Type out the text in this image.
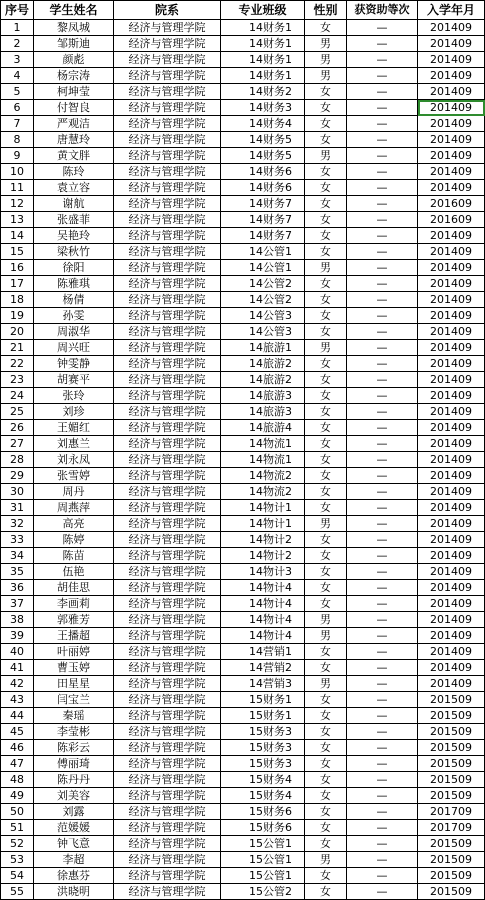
序号	学生姓名	院系	专业班级	性别	获资助等次	入学年月
1	黎凤城	经济与管理学院	14财务1	女	—	201409
2	邹斯迪	经济与管理学院	14财务1	男	—	201409
3	颜彪	经济与管理学院	14财务1	男	—	201409
4	杨宗涛	经济与管理学院	14财务1	男	—	201409
5	柯坤莹	经济与管理学院	14财务2	女	—	201409
6	付智良	经济与管理学院	14财务3	女	—	201409
7	严观洁	经济与管理学院	14财务4	女	—	201409
8	唐慧玲	经济与管理学院	14财务5	女	—	201409
9	黄文胖	经济与管理学院	14财务5	男	—	201409
10	陈玲	经济与管理学院	14财务6	女	—	201409
11	袁立容	经济与管理学院	14财务6	女	—	201409
12	谢航	经济与管理学院	14财务7	女	—	201609
13	张盛菲	经济与管理学院	14财务7	女	—	201609
14	吴艳玲	经济与管理学院	14财务7	女	—	201409
15	梁秋竹	经济与管理学院	14公管1	女	—	201409
16	徐阳	经济与管理学院	14公管1	男	—	201409
17	陈雅琪	经济与管理学院	14公管2	女	—	201409
18	杨倩	经济与管理学院	14公管2	女	—	201409
19	孙雯	经济与管理学院	14公管3	女	—	201409
20	周淑华	经济与管理学院	14公管3	女	—	201409
21	周兴旺	经济与管理学院	14旅游1	男	—	201409
22	钟雯静	经济与管理学院	14旅游2	女	—	201409
23	胡赛平	经济与管理学院	14旅游2	女	—	201409
24	张玲	经济与管理学院	14旅游3	女	—	201409
25	刘珍	经济与管理学院	14旅游3	女	—	201409
26	王媚红	经济与管理学院	14旅游4	女	—	201409
27	刘惠兰	经济与管理学院	14物流1	女	—	201409
28	刘永凤	经济与管理学院	14物流1	女	—	201409
29	张雪婷	经济与管理学院	14物流2	女	—	201409
30	周丹	经济与管理学院	14物流2	女	—	201409
31	周燕萍	经济与管理学院	14物计1	女	—	201409
32	高亮	经济与管理学院	14物计1	男	—	201409
33	陈婷	经济与管理学院	14物计2	女	—	201409
34	陈苗	经济与管理学院	14物计2	女	—	201409
35	伍艳	经济与管理学院	14物计3	女	—	201409
36	胡佳思	经济与管理学院	14物计4	女	—	201409
37	李画莉	经济与管理学院	14物计4	女	—	201409
38	郭雅芳	经济与管理学院	14物计4	男	—	201409
39	王播超	经济与管理学院	14物计4	男	—	201409
40	叶丽婷	经济与管理学院	14营销1	女	—	201409
41	曹玉婷	经济与管理学院	14营销2	女	—	201409
42	田星星	经济与管理学院	14营销3	男	—	201409
43	闫宝兰	经济与管理学院	15财务1	女	—	201509
44	秦瑶	经济与管理学院	15财务1	女	—	201509
45	李莹彬	经济与管理学院	15财务3	女	—	201509
46	陈彩云	经济与管理学院	15财务3	女	—	201509
47	傅丽琦	经济与管理学院	15财务3	女	—	201509
48	陈丹丹	经济与管理学院	15财务4	女	—	201509
49	刘美容	经济与管理学院	15财务4	女	—	201509
50	刘露	经济与管理学院	15财务6	女	—	201709
51	范媛媛	经济与管理学院	15财务6	女	—	201709
52	钟飞意	经济与管理学院	15公管1	女	—	201509
53	李超	经济与管理学院	15公管1	男	—	201509
54	徐惠芬	经济与管理学院	15公管1	女	—	201509
55	洪晓明	经济与管理学院	15公管2	女	—	201509
